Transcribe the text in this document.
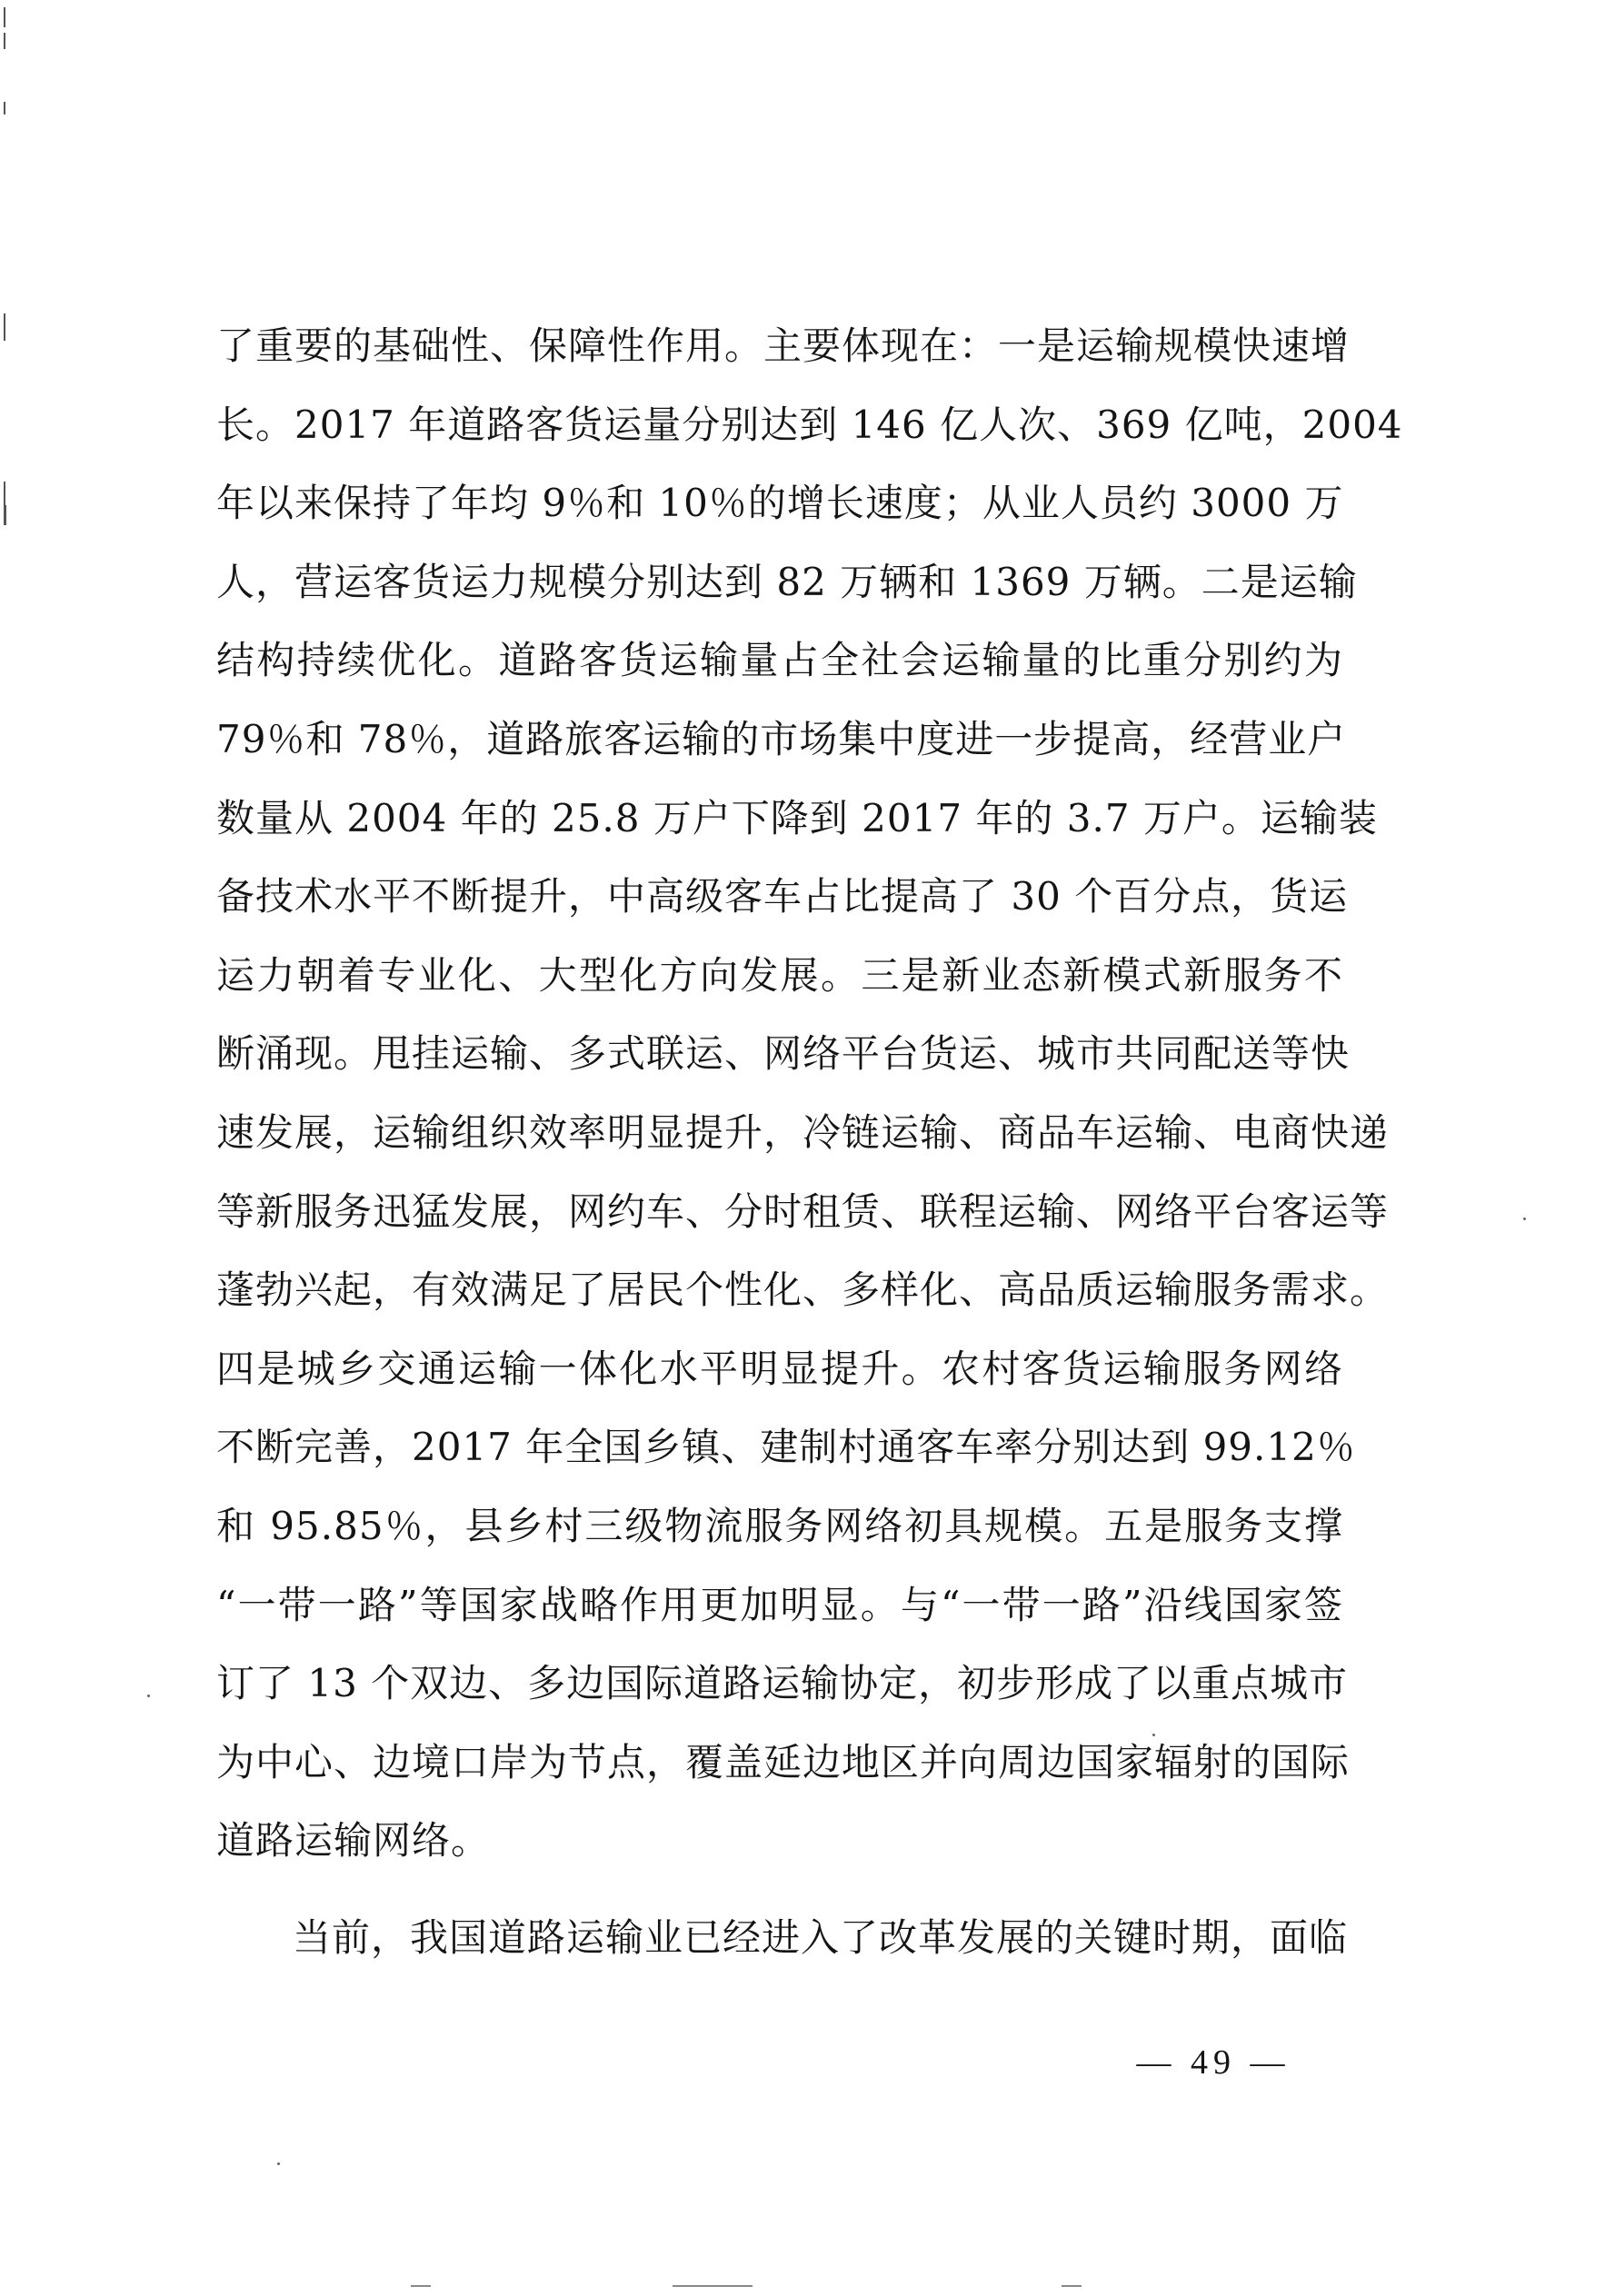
了重要的基础性、保障性作用。主要体现在：一是运输规模快速增
长。2017 年道路客货运量分别达到 146 亿人次、369 亿吨，2004
年以来保持了年均 9％和 10％的增长速度；从业人员约 3000 万
人，营运客货运力规模分别达到 82 万辆和 1369 万辆。二是运输
结构持续优化。道路客货运输量占全社会运输量的比重分别约为
79％和 78％，道路旅客运输的市场集中度进一步提高，经营业户
数量从 2004 年的 25.8 万户下降到 2017 年的 3.7 万户。运输装
备技术水平不断提升，中高级客车占比提高了 30 个百分点，货运
运力朝着专业化、大型化方向发展。三是新业态新模式新服务不
断涌现。甩挂运输、多式联运、网络平台货运、城市共同配送等快
速发展，运输组织效率明显提升，冷链运输、商品车运输、电商快递
等新服务迅猛发展，网约车、分时租赁、联程运输、网络平台客运等
蓬勃兴起，有效满足了居民个性化、多样化、高品质运输服务需求。
四是城乡交通运输一体化水平明显提升。农村客货运输服务网络
不断完善，2017 年全国乡镇、建制村通客车率分别达到 99.12％
和 95.85％，县乡村三级物流服务网络初具规模。五是服务支撑
“一带一路”等国家战略作用更加明显。与“一带一路”沿线国家签
订了 13 个双边、多边国际道路运输协定，初步形成了以重点城市
为中心、边境口岸为节点，覆盖延边地区并向周边国家辐射的国际
道路运输网络。
当前，我国道路运输业已经进入了改革发展的关键时期，面临
— 49 —
